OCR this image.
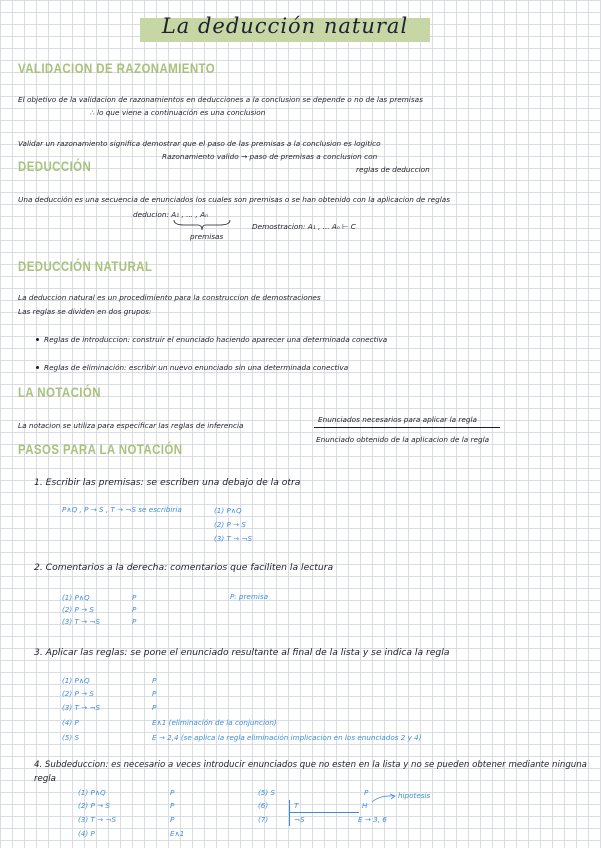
La deducción natural
VALIDACION DE RAZONAMIENTO
El objetivo de la validacion de razonamientos en deducciones a la conclusion se depende o no de las premisas
∴ lo que viene a continuación es una conclusion
Validar un razonamiento significa demostrar que el paso de las premisas a la conclusion es logitico
Razonamiento valido → paso de premisas a conclusion con
reglas de deduccion
DEDUCCIÓN
Una deducción es una secuencia de enunciados los cuales son premisas o se han obtenido con la aplicacion de reglas
deducion: A₁ , ... , Aₙ
premisas
Demostracion: A₁ , ... Aₙ ⊢ C
DEDUCCIÓN NATURAL
La deduccion natural es un procedimiento para la construccion de demostraciones
Las reglas se dividen en dos grupos:
Reglas de introduccion: construir el enunciado haciendo aparecer una determinada conectiva
Reglas de eliminación: escribir un nuevo enunciado sin una determinada conectiva
LA NOTACIÓN
La notacion se utiliza para especificar las reglas de inferencia
Enunciados necesarios para aplicar la regla
Enunciado obtenido de la aplicacion de la regla
PASOS PARA LA NOTACIÓN
1. Escribir las premisas: se escriben una debajo de la otra
P∧Q , P → S , T → ¬S se escribiria	(1) P∧Q
(2) P → S
(3) T → ¬S
2. Comentarios a la derecha: comentarios que faciliten la lectura
(1) P∧Q
(2) P → S
(3) T → ¬S
P
P
P
P: premisa
3. Aplicar las reglas: se pone el enunciado resultante al final de la lista y se indica la regla
(1) P∧Q
(2) P → S
(3) T → ¬S
(4) P
(5) S
P
P
P
E∧1 (eliminación de la conjuncion)
E → 2,4 (se aplica la regla eliminación implicacion en los enunciados 2 y 4)
4. Subdeduccion: es necesario a veces introducir enunciados que no esten en la lista y no se pueden obtener mediante ninguna
regla
(1) P∧Q
(2) P → S
(3) T → ¬S
(4) P
P
P
P
E∧1
(5) S
(6)
(7)
T
¬S
P
H
E → 3, 6
hipotesis
